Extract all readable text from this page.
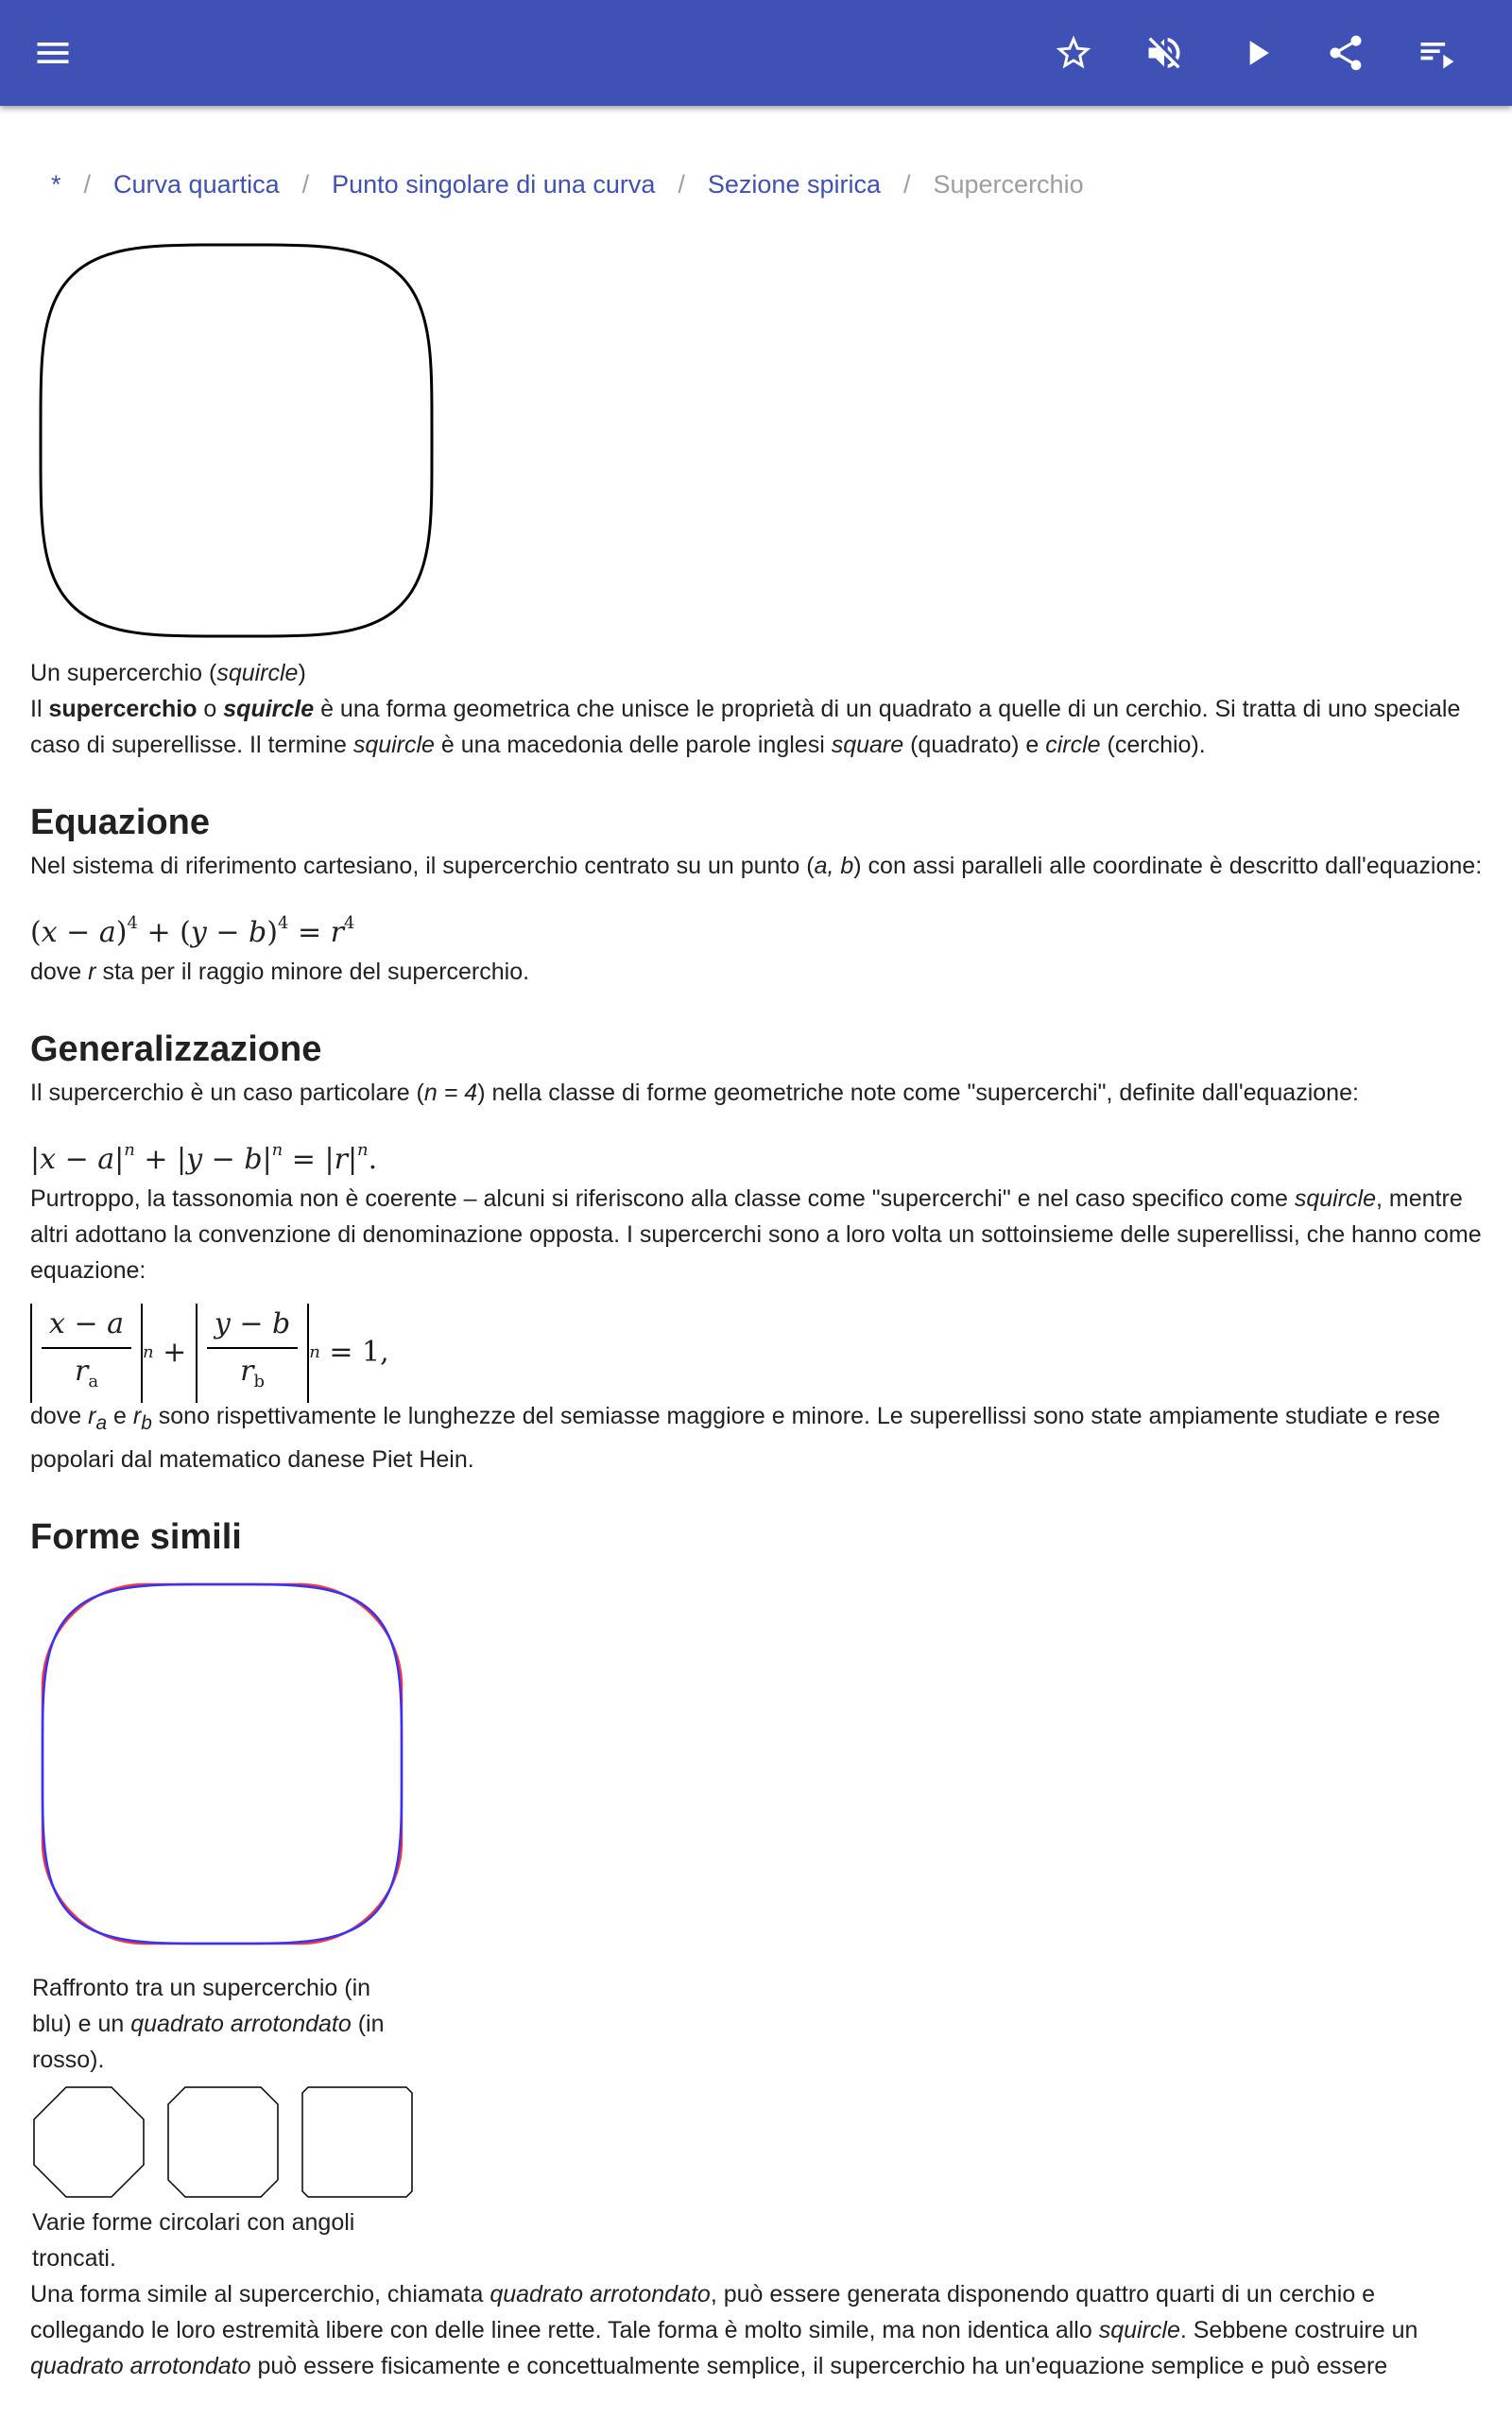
* / Curva quartica / Punto singolare di una curva / Sezione spirica / Supercerchio

Un supercerchio (squircle)

Il supercerchio o squircle è una forma geometrica che unisce le proprietà di un quadrato a quelle di un cerchio. Si tratta di uno speciale caso di superellisse. Il termine squircle è una macedonia delle parole inglesi square (quadrato) e circle (cerchio).

Equazione

Nel sistema di riferimento cartesiano, il supercerchio centrato su un punto (a, b) con assi paralleli alle coordinate è descritto dall'equazione:

$(x - a)^4 + (y - b)^4 = r^4$

dove r sta per il raggio minore del supercerchio.

Generalizzazione

Il supercerchio è un caso particolare (n = 4) nella classe di forme geometriche note come "supercerchi", definite dall'equazione:

$|x - a|^n + |y - b|^n = |r|^n$.

Purtroppo, la tassonomia non è coerente – alcuni si riferiscono alla classe come "supercerchi" e nel caso specifico come squircle, mentre altri adottano la convenzione di denominazione opposta. I supercerchi sono a loro volta un sottoinsieme delle superellissi, che hanno come equazione:

$\frac{x - a}{r_a}$ $n + \frac{y - b}{r_b}$ n = 1,

dove $r_a$ e $r_b$ sono rispettivamente le lunghezze del semiasse maggiore e minore. Le superellissi sono state ampiamente studiate e rese popolari dal matematico danese Piet Hein.

Forme simili

Raffronto tra un supercerchio (in blu) e un quadrato arrotondato (in rosso).

Varie forme circolari con angoli troncati.

Una forma simile al supercerchio, chiamata quadrato arrotondato, può essere generata disponendo quattro quarti di un cerchio e collegando le loro estremità libere con delle linee rette. Tale forma è molto simile, ma non identica allo squircle. Sebbene costruire un quadrato arrotondato può essere fisicamente e concettualmente semplice, il supercerchio ha un'equazione semplice e può essere
